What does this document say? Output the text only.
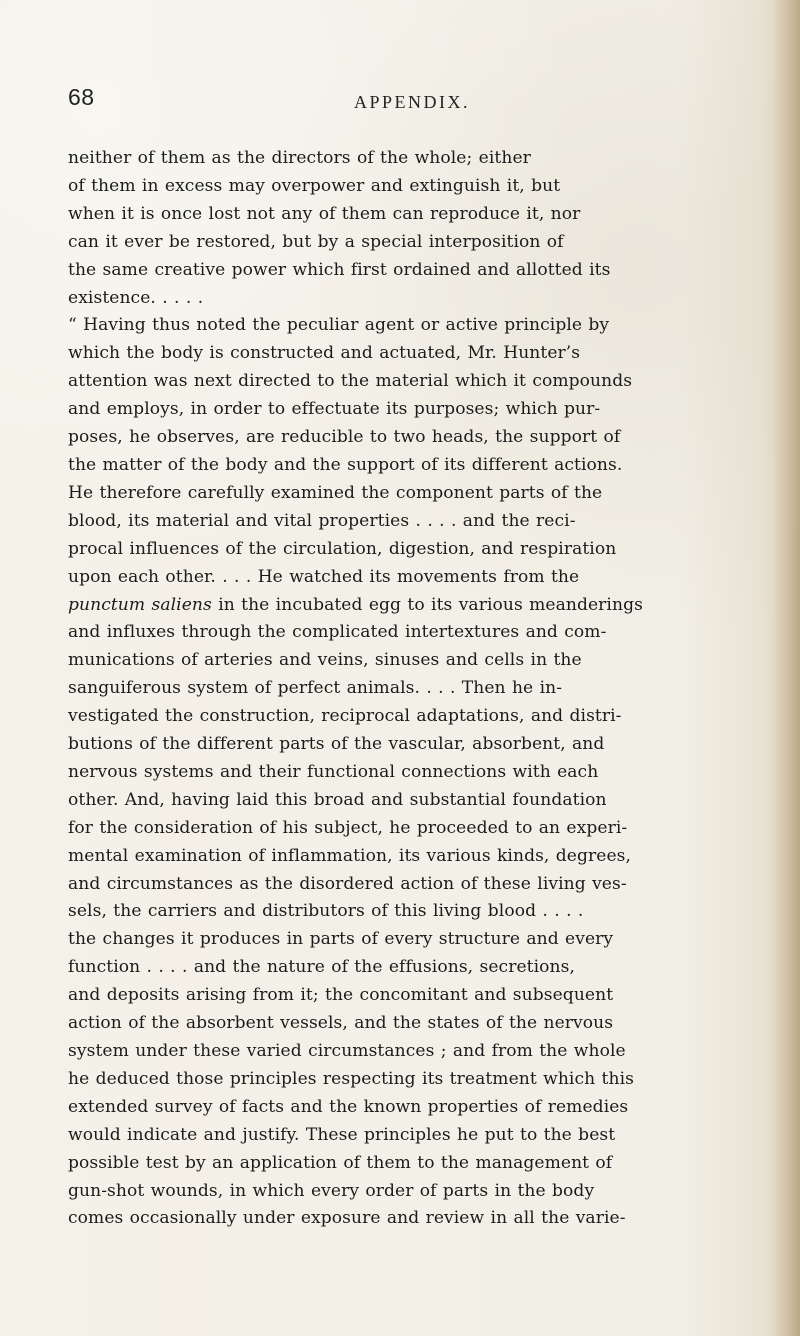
68	APPENDIX.
neither of them as the directors of the whole; either
of them in excess may overpower and extinguish it, but
when it is once lost not any of them can reproduce it, nor
can it ever be restored, but by a special interposition of
the same creative power which first ordained and allotted its
existence. . . . .
“ Having thus noted the peculiar agent or active principle by
which the body is constructed and actuated, Mr. Hunter’s
attention was next directed to the material which it compounds
and employs, in order to effectuate its purposes; which pur-
poses, he observes, are reducible to two heads, the support of
the matter of the body and the support of its different actions.
He therefore carefully examined the component parts of the
blood, its material and vital properties . . . . and the reci-
procal influences of the circulation, digestion, and respiration
upon each other. . . . He watched its movements from the
punctum saliens in the incubated egg to its various meanderings
and influxes through the complicated intertextures and com-
munications of arteries and veins, sinuses and cells in the
sanguiferous system of perfect animals. . . . Then he in-
vestigated the construction, reciprocal adaptations, and distri-
butions of the different parts of the vascular, absorbent, and
nervous systems and their functional connections with each
other. And, having laid this broad and substantial foundation
for the consideration of his subject, he proceeded to an experi-
mental examination of inflammation, its various kinds, degrees,
and circumstances as the disordered action of these living ves-
sels, the carriers and distributors of this living blood . . . .
the changes it produces in parts of every structure and every
function . . . . and the nature of the effusions, secretions,
and deposits arising from it; the concomitant and subsequent
action of the absorbent vessels, and the states of the nervous
system under these varied circumstances ; and from the whole
he deduced those principles respecting its treatment which this
extended survey of facts and the known properties of remedies
would indicate and justify. These principles he put to the best
possible test by an application of them to the management of
gun-shot wounds, in which every order of parts in the body
comes occasionally under exposure and review in all the varie-
